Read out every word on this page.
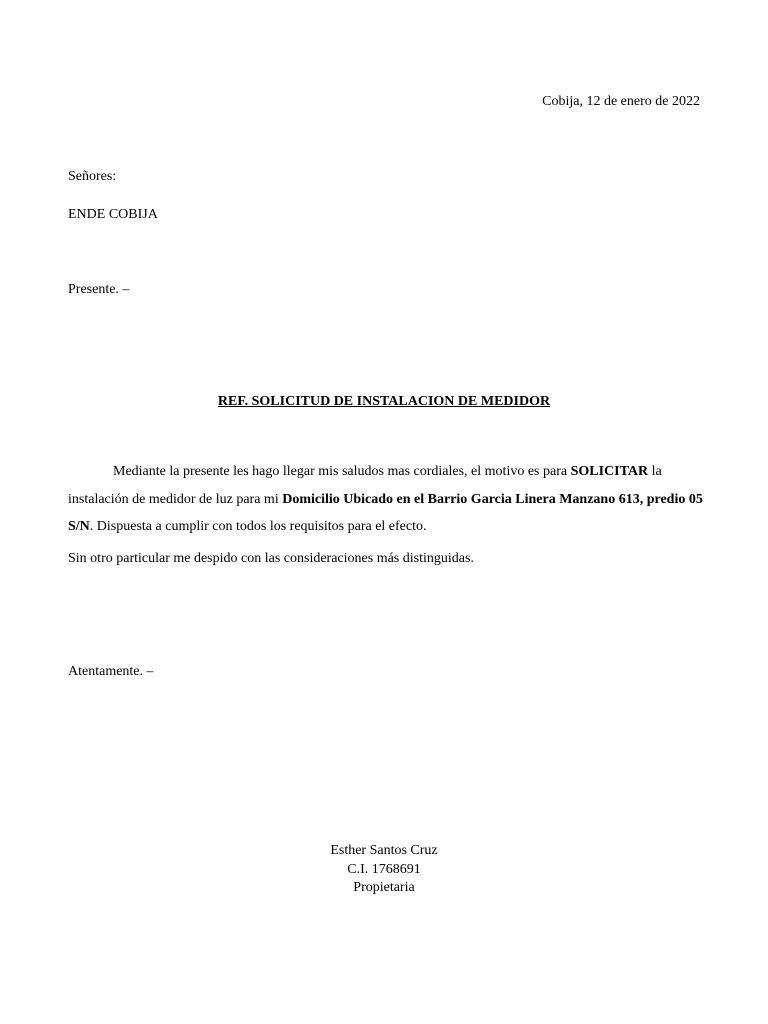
Cobija, 12 de enero de 2022
Señores:
ENDE COBIJA
Presente. –
REF. SOLICITUD DE INSTALACION DE MEDIDOR
Mediante la presente les hago llegar mis saludos mas cordiales, el motivo es para SOLICITAR la instalación de medidor de luz para mi Domicilio Ubicado en el Barrio Garcia Linera Manzano 613, predio 05 S/N. Dispuesta a cumplir con todos los requisitos para el efecto.
Sin otro particular me despido con las consideraciones más distinguidas.
Atentamente. –
Esther Santos Cruz
C.I. 1768691
Propietaria
